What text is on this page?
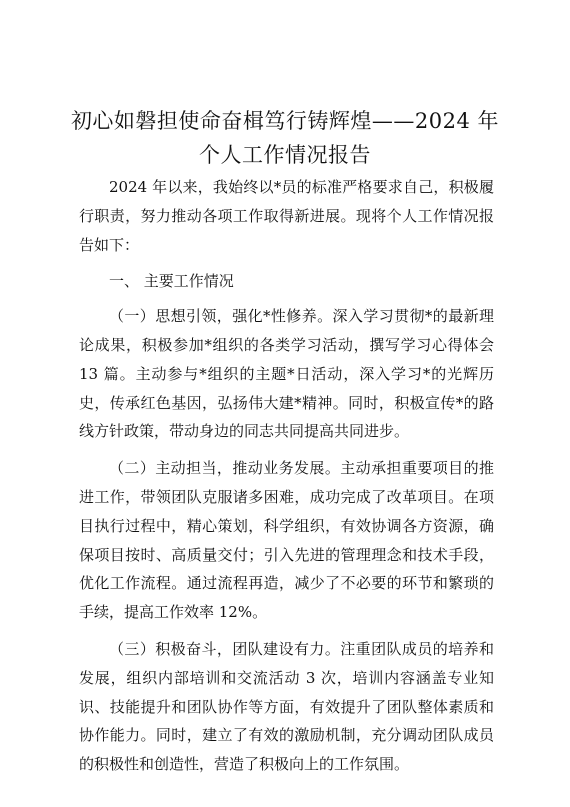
初心如磐担使命奋楫笃行铸辉煌——2024 年
个人工作情况报告

2024 年以来，我始终以*员的标准严格要求自己，积极履行职责，努力推动各项工作取得新进展。现将个人工作情况报告如下：

一、 主要工作情况

（一）思想引领，强化*性修养。深入学习贯彻*的最新理论成果，积极参加*组织的各类学习活动，撰写学习心得体会 13 篇。主动参与*组织的主题*日活动，深入学习*的光辉历史，传承红色基因，弘扬伟大建*精神。同时，积极宣传*的路线方针政策，带动身边的同志共同提高共同进步。

（二）主动担当，推动业务发展。主动承担重要项目的推进工作，带领团队克服诸多困难，成功完成了改革项目。在项目执行过程中，精心策划，科学组织，有效协调各方资源，确保项目按时、高质量交付；引入先进的管理理念和技术手段，优化工作流程。通过流程再造，减少了不必要的环节和繁琐的手续，提高工作效率 12%。

（三）积极奋斗，团队建设有力。注重团队成员的培养和发展，组织内部培训和交流活动 3 次，培训内容涵盖专业知识、技能提升和团队协作等方面，有效提升了团队整体素质和协作能力。同时，建立了有效的激励机制，充分调动团队成员的积极性和创造性，营造了积极向上的工作氛围。
